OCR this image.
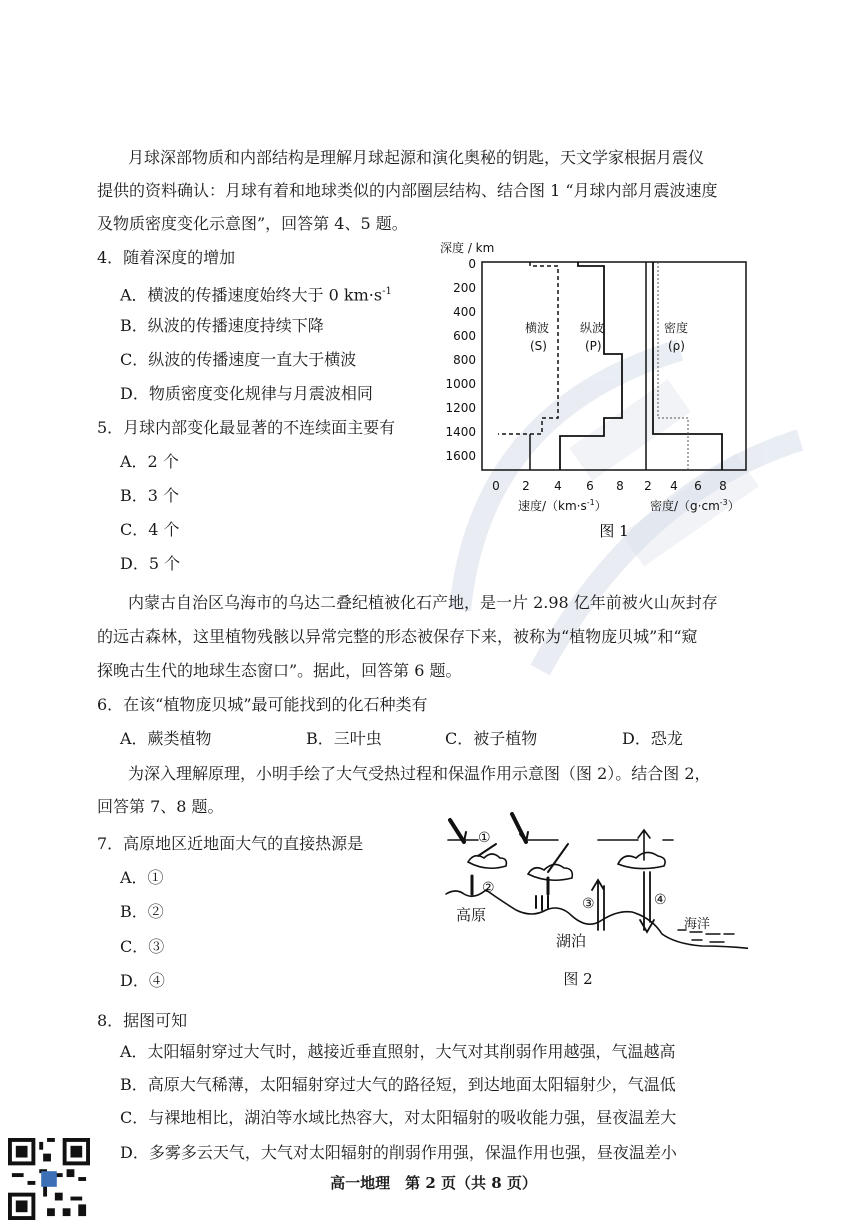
月球深部物质和内部结构是理解月球起源和演化奥秘的钥匙，天文学家根据月震仪
提供的资料确认：月球有着和地球类似的内部圈层结构、结合图 1 “月球内部月震波速度
及物质密度变化示意图”，回答第 4、5 题。
4．随着深度的增加
A．横波的传播速度始终大于 0 $km\cdot s^{-1}$
B．纵波的传播速度持续下降
C．纵波的传播速度一直大于横波
D．物质密度变化规律与月震波相同
5．月球内部变化最显著的不连续面主要有
A．2 个
B．3 个
C．4 个
D．5 个
深度 / km
0
200
400
600
800
1000
1200
1400
1600
横波
(S)
纵波
(P)
密度
(ρ)
0 2 4 6 8 2 4 6 8
速度$/(km\cdot s^{-1})$	密度$/(g\cdot cm^{-3})$
图 1
内蒙古自治区乌海市的乌达二叠纪植被化石产地，是一片 2.98 亿年前被火山灰封存
的远古森林，这里植物残骸以异常完整的形态被保存下来，被称为“植物庞贝城”和“窥
探晚古生代的地球生态窗口”。据此，回答第 6 题。
6．在该“植物庞贝城”最可能找到的化石种类有
A．蕨类植物	B．三叶虫	C．被子植物	D．恐龙
为深入理解原理，小明手绘了大气受热过程和保温作用示意图（图 2）。结合图 2，
回答第 7、8 题。
7．高原地区近地面大气的直接热源是
A．①
B．②
C．③
D．④
①
②
③	④
高原
湖泊
海洋
图 2
8．据图可知
A．太阳辐射穿过大气时，越接近垂直照射，大气对其削弱作用越强，气温越高
B．高原大气稀薄，太阳辐射穿过大气的路径短，到达地面太阳辐射少，气温低
C．与裸地相比，湖泊等水域比热容大，对太阳辐射的吸收能力强，昼夜温差大
D．多雾多云天气，大气对太阳辐射的削弱作用强，保温作用也强，昼夜温差小
高一地理　第 2 页（共 8 页）
